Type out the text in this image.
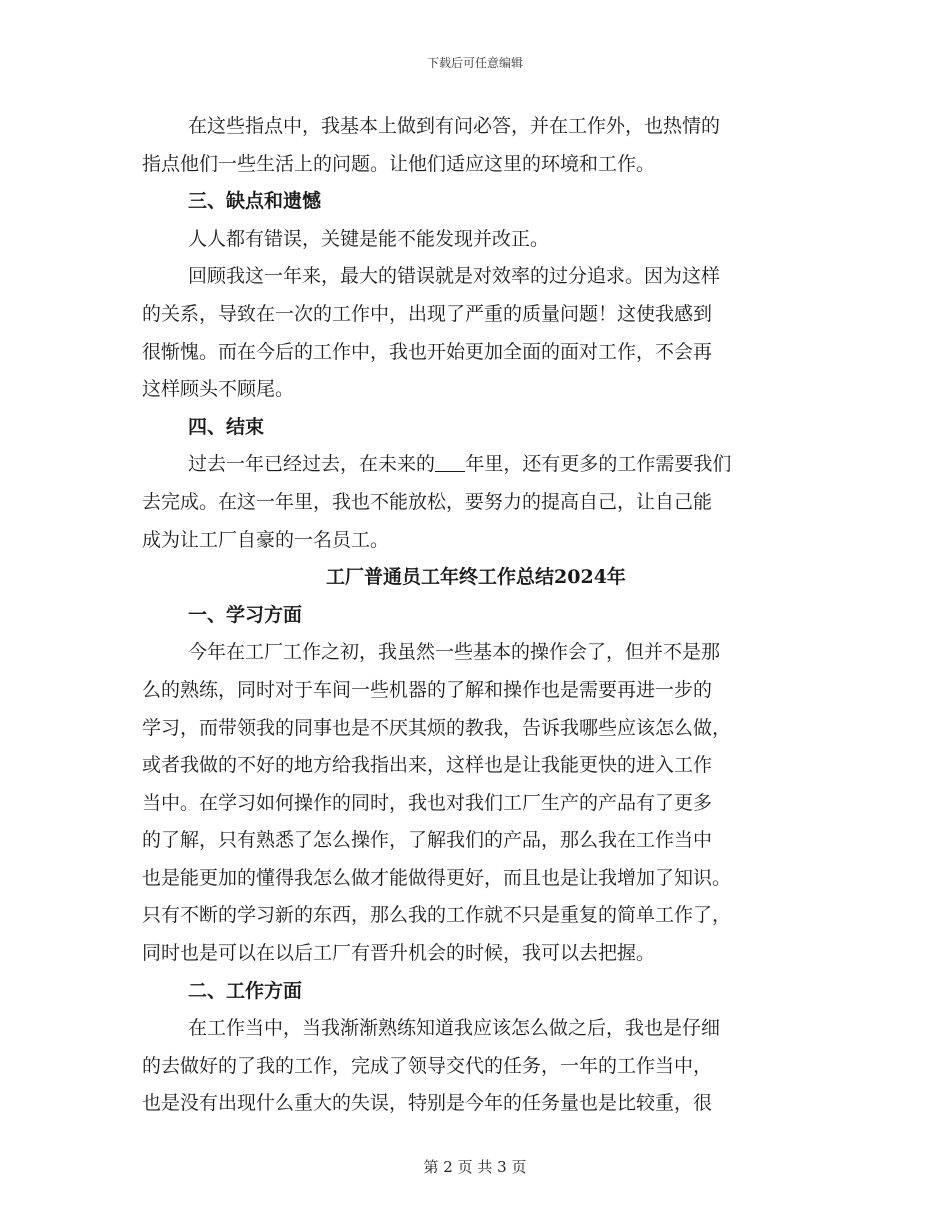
下载后可任意编辑
在这些指点中，我基本上做到有问必答，并在工作外，也热情的
指点他们一些生活上的问题。让他们适应这里的环境和工作。
三、缺点和遗憾
人人都有错误，关键是能不能发现并改正。
回顾我这一年来，最大的错误就是对效率的过分追求。因为这样
的关系，导致在一次的工作中，出现了严重的质量问题！这使我感到
很惭愧。而在今后的工作中，我也开始更加全面的面对工作，不会再
这样顾头不顾尾。
四、结束
过去一年已经过去，在未来的 年里，还有更多的工作需要我们
去完成。在这一年里，我也不能放松，要努力的提高自己，让自己能
成为让工厂自豪的一名员工。
工厂普通员工年终工作总结2024年
一、学习方面
今年在工厂工作之初，我虽然一些基本的操作会了，但并不是那
么的熟练，同时对于车间一些机器的了解和操作也是需要再进一步的
学习，而带领我的同事也是不厌其烦的教我，告诉我哪些应该怎么做，
或者我做的不好的地方给我指出来，这样也是让我能更快的进入工作
当中。在学习如何操作的同时，我也对我们工厂生产的产品有了更多
的了解，只有熟悉了怎么操作，了解我们的产品，那么我在工作当中
也是能更加的懂得我怎么做才能做得更好，而且也是让我增加了知识。
只有不断的学习新的东西，那么我的工作就不只是重复的简单工作了，
同时也是可以在以后工厂有晋升机会的时候，我可以去把握。
二、工作方面
在工作当中，当我渐渐熟练知道我应该怎么做之后，我也是仔细
的去做好的了我的工作，完成了领导交代的任务，一年的工作当中，
也是没有出现什么重大的失误，特别是今年的任务量也是比较重，很
第 2 页 共 3 页
